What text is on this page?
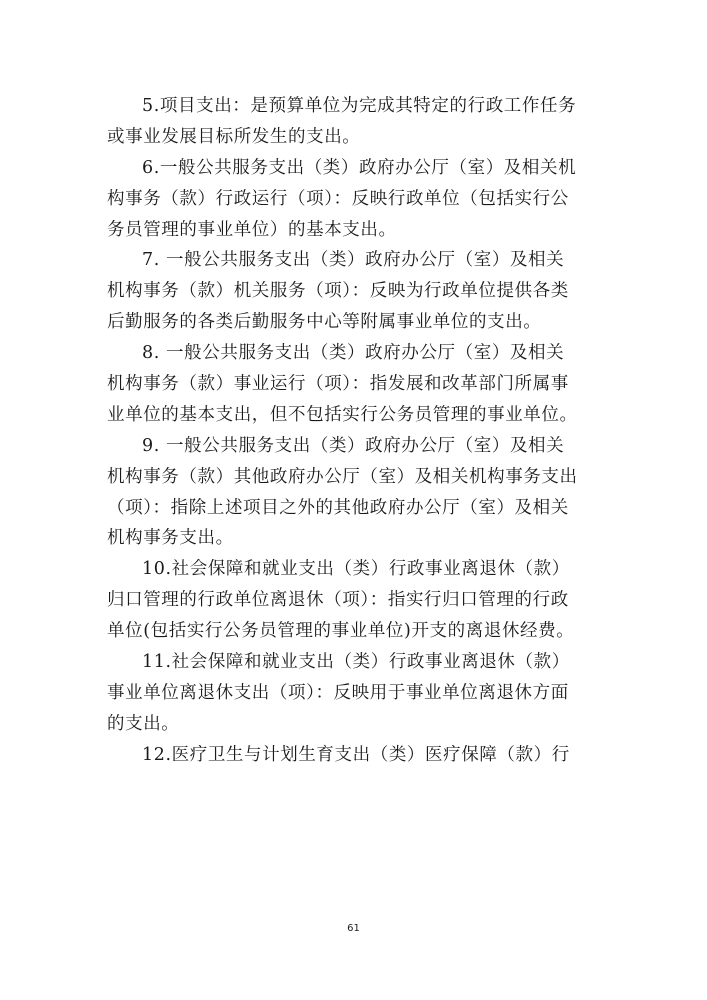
5.项目支出：是预算单位为完成其特定的行政工作任务
或事业发展目标所发生的支出。
6.一般公共服务支出（类）政府办公厅（室）及相关机
构事务（款）行政运行（项）：反映行政单位（包括实行公
务员管理的事业单位）的基本支出。
7. 一般公共服务支出（类）政府办公厅（室）及相关
机构事务（款）机关服务（项）：反映为行政单位提供各类
后勤服务的各类后勤服务中心等附属事业单位的支出。
8. 一般公共服务支出（类）政府办公厅（室）及相关
机构事务（款）事业运行（项）：指发展和改革部门所属事
业单位的基本支出，但不包括实行公务员管理的事业单位。
9. 一般公共服务支出（类）政府办公厅（室）及相关
机构事务（款）其他政府办公厅（室）及相关机构事务支出
（项）：指除上述项目之外的其他政府办公厅（室）及相关
机构事务支出。
10.社会保障和就业支出（类）行政事业离退休（款）
归口管理的行政单位离退休（项）：指实行归口管理的行政
单位(包括实行公务员管理的事业单位)开支的离退休经费。
11.社会保障和就业支出（类）行政事业离退休（款）
事业单位离退休支出（项）：反映用于事业单位离退休方面
的支出。
12.医疗卫生与计划生育支出（类）医疗保障（款）行
61
